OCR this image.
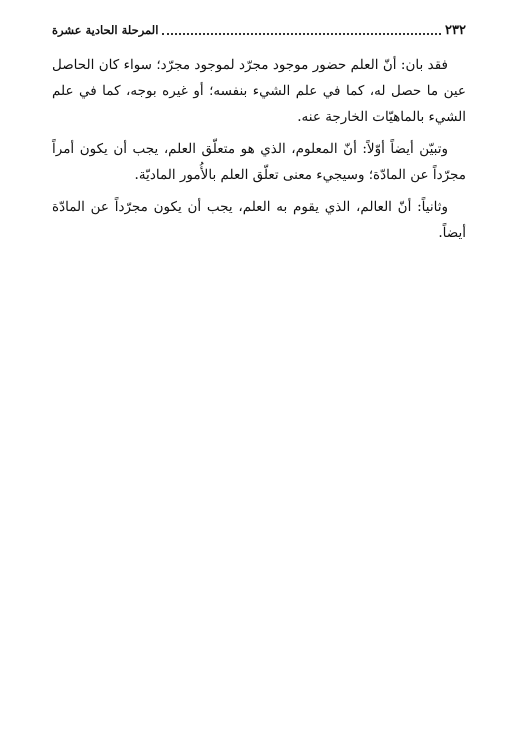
٢٣٢
المرحلة الحادية عشرة

فقد بان: أنّ العلم حضور موجود مجرّد لموجود مجرّد؛ سواء كان الحاصل عين ما حصل له، كما في علم الشيء بنفسه؛ أو غيره بوجه، كما في علم الشيء بالماهيّات الخارجة عنه.

وتبيّن أيضاً أوّلاً: أنّ المعلوم، الذي هو متعلّق العلم، يجب أن يكون أمراً مجرّداً عن المادّة؛ وسيجيء معنى تعلّق العلم بالأُمور الماديّة.

وثانياً: أنّ العالم، الذي يقوم به العلم، يجب أن يكون مجرّداً عن المادّة أيضاً.
